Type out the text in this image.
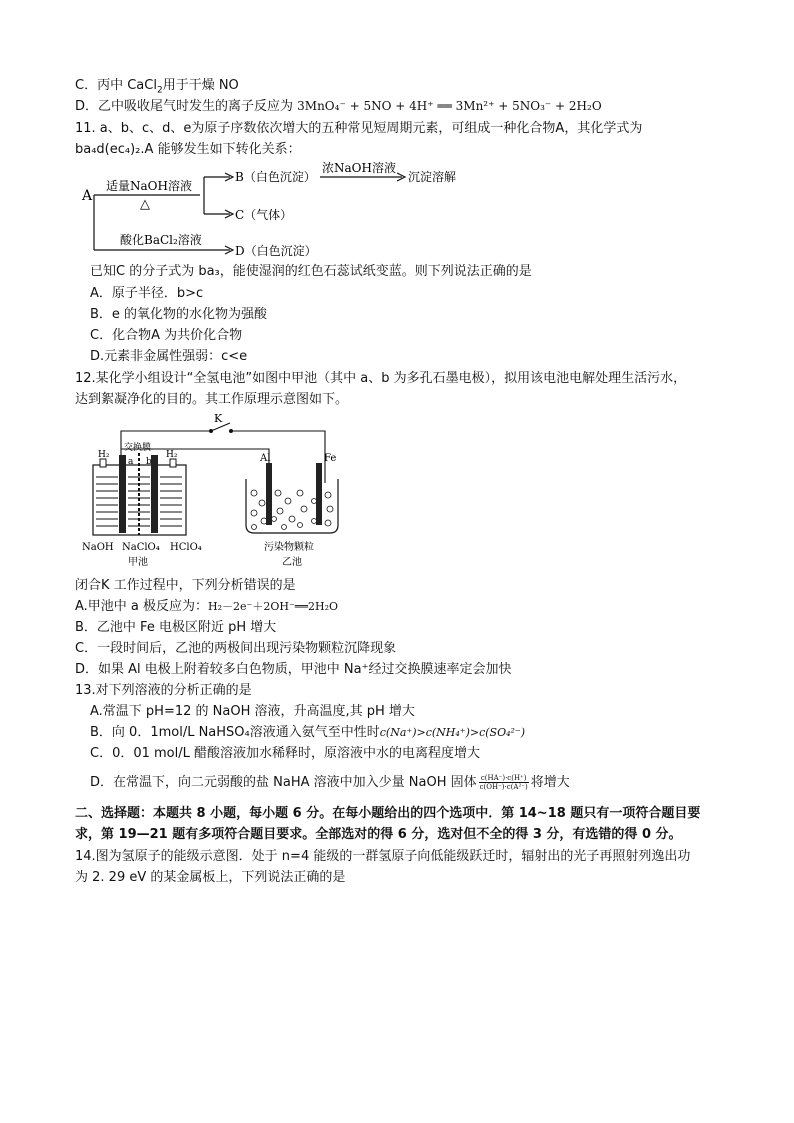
C．丙中 CaCl$_2$用于干燥 NO
D．乙中吸收尾气时发生的离子反应为 3MnO₄⁻ + 5NO + 4H⁺ ══ 3Mn²⁺ + 5NO₃⁻ + 2H₂O
11. a、b、c、d、e为原子序数依次增大的五种常见短周期元素，可组成一种化合物A，其化学式为
ba₄d(ec₄)₂.A 能够发生如下转化关系：
A
适量NaOH溶液
△
B（白色沉淀）
浓NaOH溶液
沉淀溶解
C（气体）
酸化BaCl₂溶液
D（白色沉淀）
已知C 的分子式为 ba₃，能使湿润的红色石蕊试纸变蓝。则下列说法正确的是
A．原子半径．b>c
B．e 的氧化物的水化物为强酸
C．化合物A 为共价化合物
D.元素非金属性强弱：c<e
12.某化学小组设计“全氢电池”如图中甲池（其中 a、b 为多孔石墨电极），拟用该电池电解处理生活污水，
达到絮凝净化的目的。其工作原理示意图如下。
K
H₂
交换膜
a b
H₂
NaOH NaClO₄ HClO₄
甲池
Al	Fe
污染物颗粒
乙池
闭合K 工作过程中，下列分析错误的是
A.甲池中 a 极反应为：H₂－2e⁻＋2OH⁻══2H₂O
B．乙池中 Fe 电极区附近 pH 增大
C．一段时间后，乙池的两极间出现污染物颗粒沉降现象
D．如果 Al 电极上附着较多白色物质，甲池中 Na⁺经过交换膜速率定会加快
13.对下列溶液的分析正确的是
A.常温下 pH=12 的 NaOH 溶液，升高温度,其 pH 增大
B．向 0．1mol/L NaHSO₄溶液通入氨气至中性时c(Na⁺)>c(NH₄⁺)>c(SO₄²⁻)
C．0．01 mol/L 醋酸溶液加水稀释时，原溶液中水的电离程度增大
D．在常温下，向二元弱酸的盐 NaHA 溶液中加入少量 NaOH 固体 $\frac{c(HA^-)\cdot c(H^+)}{\text{c(OH⁻)·c(A²⁻)}}$ 将增大
二、选择题：本题共 8 小题，每小题 6 分。在每小题给出的四个选项中．第 14~18 题只有一项符合题目要
求，第 19—21 题有多项符合题目要求。全部选对的得 6 分，选对但不全的得 3 分，有选错的得 0 分。
14.图为氢原子的能级示意图．处于 n=4 能级的一群氢原子向低能级跃迁时，辐射出的光子再照射列逸出功
为 2. 29 eV 的某金属板上，下列说法正确的是
